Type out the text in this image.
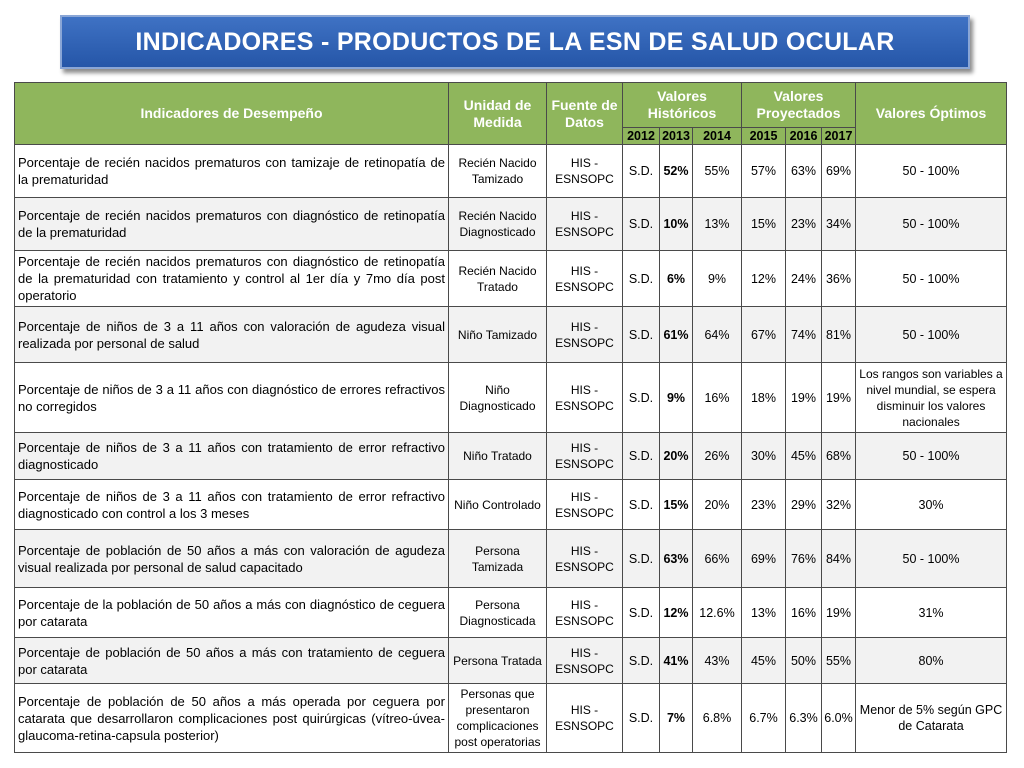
INDICADORES - PRODUCTOS DE LA ESN DE SALUD OCULAR
Indicadores de Desempeño	Unidad de Medida	Fuente de Datos	Valores Históricos			Valores Proyectados			Valores Óptimos
			2012	2013	2014	2015	2016	2017	
Porcentaje de recién nacidos prematuros con tamizaje de retinopatía de la prematuridad	Recién Nacido Tamizado	HIS - ESNSOPC	S.D.	52%	55%	57%	63%	69%	50 - 100%
Porcentaje de recién nacidos prematuros con diagnóstico de retinopatía de la prematuridad	Recién Nacido Diagnosticado	HIS - ESNSOPC	S.D.	10%	13%	15%	23%	34%	50 - 100%
Porcentaje de recién nacidos prematuros con diagnóstico de retinopatía de la prematuridad con tratamiento y control al 1er día y 7mo día post operatorio	Recién Nacido Tratado	HIS - ESNSOPC	S.D.	6%	9%	12%	24%	36%	50 - 100%
Porcentaje de niños de 3 a 11 años con valoración de agudeza visual realizada por personal de salud	Niño Tamizado	HIS - ESNSOPC	S.D.	61%	64%	67%	74%	81%	50 - 100%
Porcentaje de niños de 3 a 11 años con diagnóstico de errores refractivos no corregidos	Niño Diagnosticado	HIS - ESNSOPC	S.D.	9%	16%	18%	19%	19%	Los rangos son variables a nivel mundial, se espera disminuir los valores nacionales
Porcentaje de niños de 3 a 11 años con tratamiento de error refractivo diagnosticado	Niño Tratado	HIS - ESNSOPC	S.D.	20%	26%	30%	45%	68%	50 - 100%
Porcentaje de niños de 3 a 11 años con tratamiento de error refractivo diagnosticado con control a los 3 meses	Niño Controlado	HIS - ESNSOPC	S.D.	15%	20%	23%	29%	32%	30%
Porcentaje de población de 50 años a más con valoración de agudeza visual realizada por personal de salud capacitado	Persona Tamizada	HIS - ESNSOPC	S.D.	63%	66%	69%	76%	84%	50 - 100%
Porcentaje de la población de 50 años a más con diagnóstico de ceguera por catarata	Persona Diagnosticada	HIS - ESNSOPC	S.D.	12%	12.6%	13%	16%	19%	31%
Porcentaje de población de 50 años a más con tratamiento de ceguera por catarata	Persona Tratada	HIS - ESNSOPC	S.D.	41%	43%	45%	50%	55%	80%
Porcentaje de población de 50 años a más operada por ceguera por catarata que desarrollaron complicaciones post quirúrgicas (vítreo-úvea-glaucoma-retina-capsula posterior)	Personas que presentaron complicaciones post operatorias	HIS - ESNSOPC	S.D.	7%	6.8%	6.7%	6.3%	6.0%	Menor de 5% según GPC de Catarata
